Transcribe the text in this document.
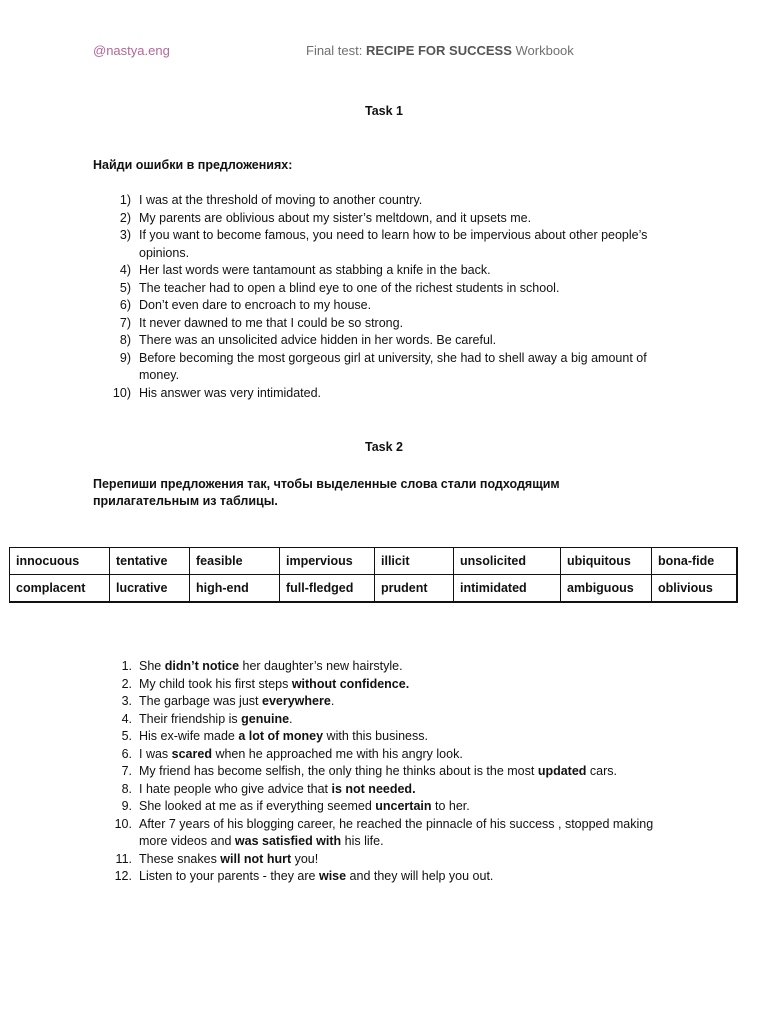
@nastya.eng	Final test: RECIPE FOR SUCCESS Workbook
Task 1
Найди ошибки в предложениях:
1) I was at the threshold of moving to another country.
2) My parents are oblivious about my sister’s meltdown, and it upsets me.
3) If you want to become famous, you need to learn how to be impervious about other people’s opinions.
4) Her last words were tantamount as stabbing a knife in the back.
5) The teacher had to open a blind eye to one of the richest students in school.
6) Don’t even dare to encroach to my house.
7) It never dawned to me that I could be so strong.
8) There was an unsolicited advice hidden in her words. Be careful.
9) Before becoming the most gorgeous girl at university, she had to shell away a big amount of money.
10) His answer was very intimidated.
Task 2
Перепиши предложения так, чтобы выделенные слова стали подходящим прилагательным из таблицы.
innocuous	tentative	feasible	impervious	illicit	unsolicited	ubiquitous	bona-fide
complacent	lucrative	high-end	full-fledged	prudent	intimidated	ambiguous	oblivious
1. She didn’t notice her daughter’s new hairstyle.
2. My child took his first steps without confidence.
3. The garbage was just everywhere.
4. Their friendship is genuine.
5. His ex-wife made a lot of money with this business.
6. I was scared when he approached me with his angry look.
7. My friend has become selfish, the only thing he thinks about is the most updated cars.
8. I hate people who give advice that is not needed.
9. She looked at me as if everything seemed uncertain to her.
10. After 7 years of his blogging career, he reached the pinnacle of his success , stopped making more videos and was satisfied with his life.
11. These snakes will not hurt you!
12. Listen to your parents - they are wise and they will help you out.
